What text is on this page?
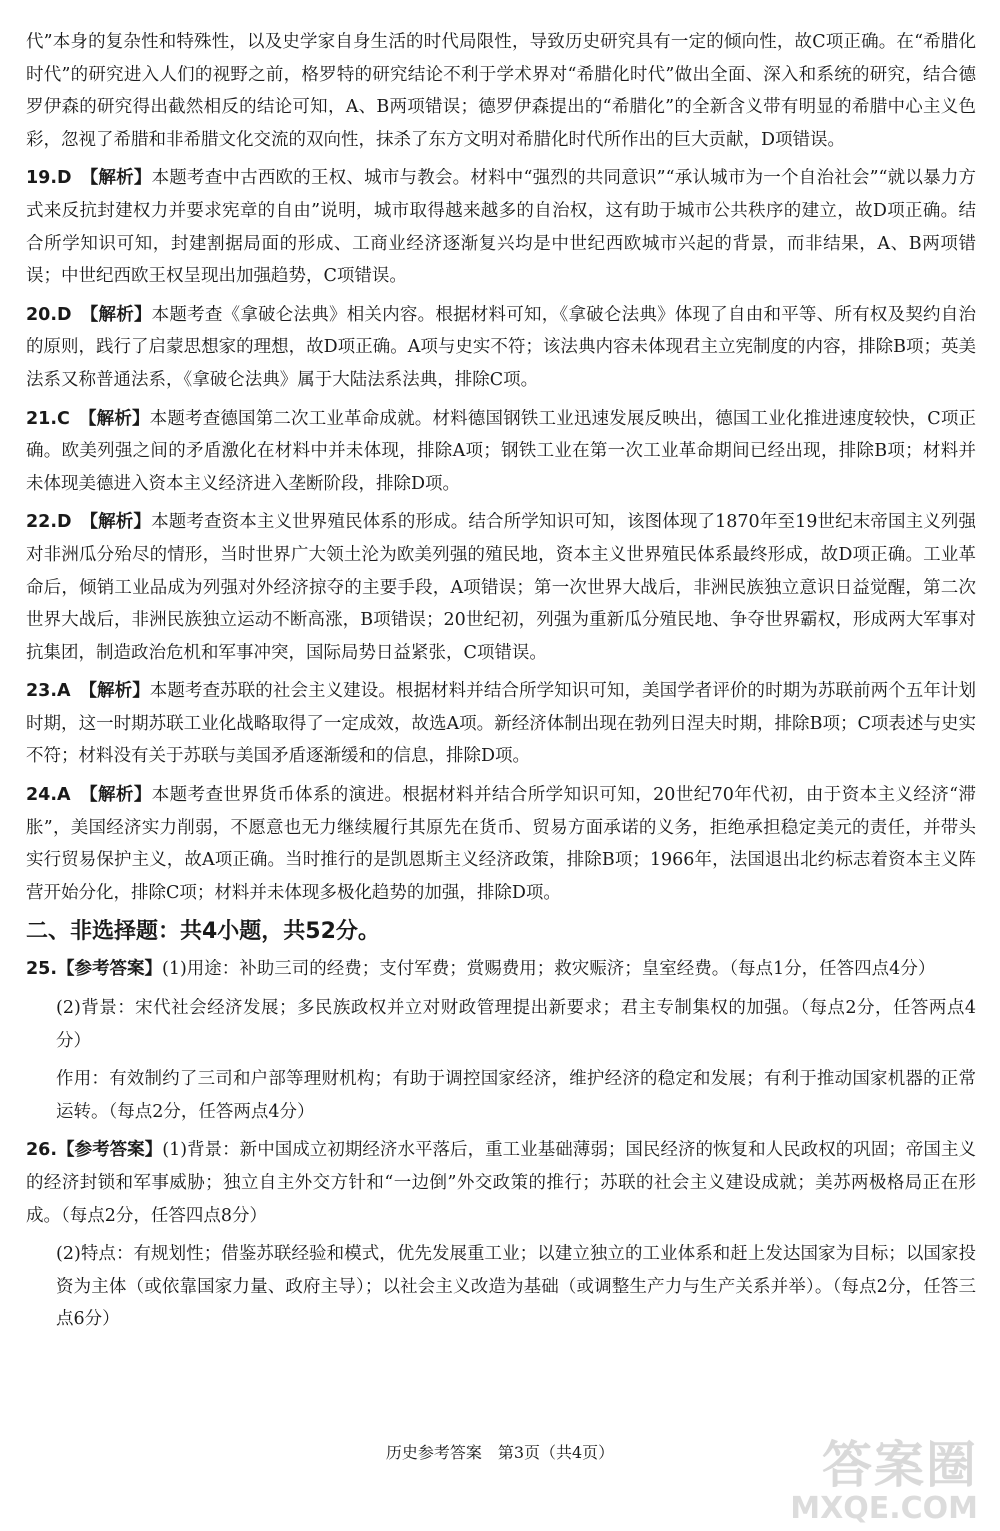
代”本身的复杂性和特殊性，以及史学家自身生活的时代局限性，导致历史研究具有一定的倾向性，故C项正确。在“希腊化时代”的研究进入人们的视野之前，格罗特的研究结论不利于学术界对“希腊化时代”做出全面、深入和系统的研究，结合德罗伊森的研究得出截然相反的结论可知，A、B两项错误；德罗伊森提出的“希腊化”的全新含义带有明显的希腊中心主义色彩，忽视了希腊和非希腊文化交流的双向性，抹杀了东方文明对希腊化时代所作出的巨大贡献，D项错误。

19.D　 【解析】本题考查中古西欧的王权、城市与教会。材料中“强烈的共同意识”“承认城市为一个自治社会”“就以暴力方式来反抗封建权力并要求宪章的自由”说明，城市取得越来越多的自治权，这有助于城市公共秩序的建立，故D项正确。结合所学知识可知，封建割据局面的形成、工商业经济逐渐复兴均是中世纪西欧城市兴起的背景，而非结果，A、B两项错误；中世纪西欧王权呈现出加强趋势，C项错误。

20.D　 【解析】本题考查《拿破仑法典》相关内容。根据材料可知，《拿破仑法典》体现了自由和平等、所有权及契约自治的原则，践行了启蒙思想家的理想，故D项正确。A项与史实不符；该法典内容未体现君主立宪制度的内容，排除B项；英美法系又称普通法系，《拿破仑法典》属于大陆法系法典，排除C项。

21.C　 【解析】本题考查德国第二次工业革命成就。材料德国钢铁工业迅速发展反映出，德国工业化推进速度较快，C项正确。欧美列强之间的矛盾激化在材料中并未体现，排除A项；钢铁工业在第一次工业革命期间已经出现，排除B项；材料并未体现美德进入资本主义经济进入垄断阶段，排除D项。

22.D　 【解析】本题考查资本主义世界殖民体系的形成。结合所学知识可知，该图体现了1870年至19世纪末帝国主义列强对非洲瓜分殆尽的情形，当时世界广大领土沦为欧美列强的殖民地，资本主义世界殖民体系最终形成，故D项正确。工业革命后，倾销工业品成为列强对外经济掠夺的主要手段，A项错误；第一次世界大战后，非洲民族独立意识日益觉醒，第二次世界大战后，非洲民族独立运动不断高涨，B项错误；20世纪初，列强为重新瓜分殖民地、争夺世界霸权，形成两大军事对抗集团，制造政治危机和军事冲突，国际局势日益紧张，C项错误。

23.A　 【解析】本题考查苏联的社会主义建设。根据材料并结合所学知识可知，美国学者评价的时期为苏联前两个五年计划时期，这一时期苏联工业化战略取得了一定成效，故选A项。新经济体制出现在勃列日涅夫时期，排除B项；C项表述与史实不符；材料没有关于苏联与美国矛盾逐渐缓和的信息，排除D项。

24.A　 【解析】本题考查世界货币体系的演进。根据材料并结合所学知识可知，20世纪70年代初，由于资本主义经济“滞胀”，美国经济实力削弱，不愿意也无力继续履行其原先在货币、贸易方面承诺的义务，拒绝承担稳定美元的责任，并带头实行贸易保护主义，故A项正确。当时推行的是凯恩斯主义经济政策，排除B项；1966年，法国退出北约标志着资本主义阵营开始分化，排除C项；材料并未体现多极化趋势的加强，排除D项。

二、非选择题：共4小题，共52分。

25.【参考答案】(1)用途：补助三司的经费；支付军费；赏赐费用；救灾赈济；皇室经费。（每点1分，任答四点4分）

(2)背景：宋代社会经济发展；多民族政权并立对财政管理提出新要求；君主专制集权的加强。（每点2分，任答两点4分）

作用：有效制约了三司和户部等理财机构；有助于调控国家经济，维护经济的稳定和发展；有利于推动国家机器的正常运转。（每点2分，任答两点4分）

26.【参考答案】(1)背景：新中国成立初期经济水平落后，重工业基础薄弱；国民经济的恢复和人民政权的巩固；帝国主义的经济封锁和军事威胁；独立自主外交方针和“一边倒”外交政策的推行；苏联的社会主义建设成就；美苏两极格局正在形成。（每点2分，任答四点8分）

(2)特点：有规划性；借鉴苏联经验和模式，优先发展重工业；以建立独立的工业体系和赶上发达国家为目标；以国家投资为主体（或依靠国家力量、政府主导）；以社会主义改造为基础（或调整生产力与生产关系并举）。（每点2分，任答三点6分）

历史参考答案　第3页（共4页）	答案圈
MXQE.COM
